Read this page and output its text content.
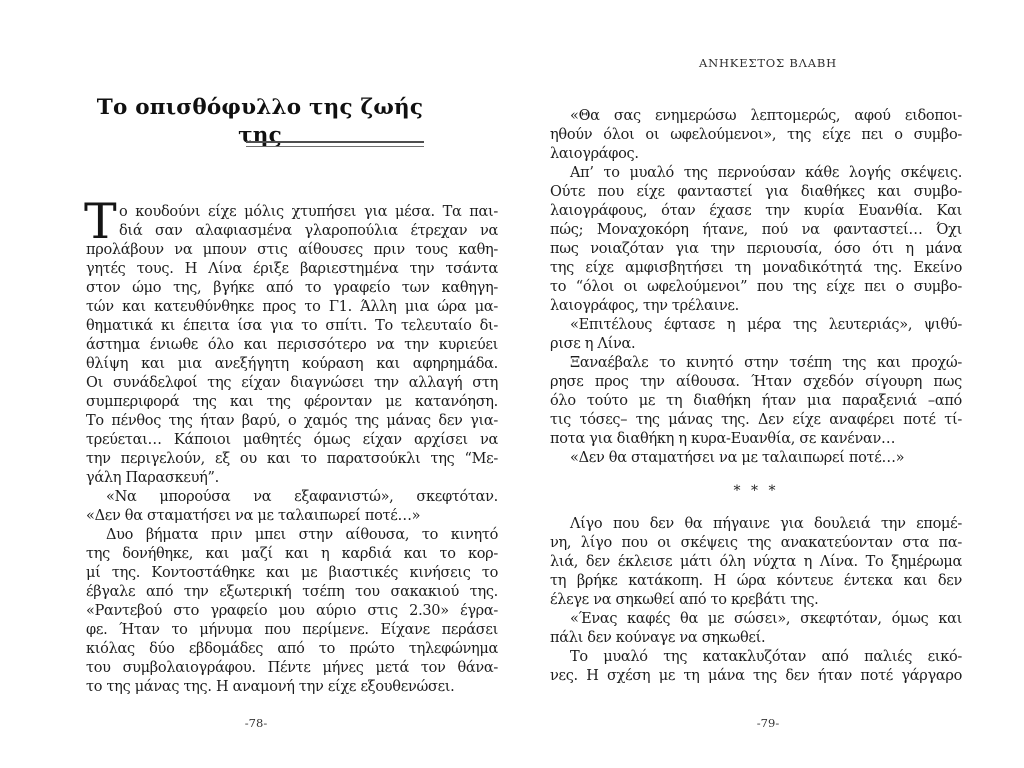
ΑΝΗΚΕΣΤΟΣ ΒΛΑΒΗ
Το οπισθόφυλλο της ζωής της
Τ ο κουδούνι είχε μόλις χτυπήσει για μέσα. Τα παι-
διά σαν αλαφιασμένα γλαροπούλια έτρεχαν να
προλάβουν να μπουν στις αίθουσες πριν τους καθη-
γητές τους. Η Λίνα έριξε βαριεστημένα την τσάντα
στον ώμο της, βγήκε από το γραφείο των καθηγη-
τών και κατευθύνθηκε προς το Γ1. Άλλη μια ώρα μα-
θηματικά κι έπειτα ίσα για το σπίτι. Το τελευταίο δι-
άστημα ένιωθε όλο και περισσότερο να την κυριεύει
θλίψη και μια ανεξήγητη κούραση και αφηρημάδα.
Οι συνάδελφοί της είχαν διαγνώσει την αλλαγή στη
συμπεριφορά της και της φέρονταν με κατανόηση.
Το πένθος της ήταν βαρύ, ο χαμός της μάνας δεν για-
τρεύεται… Κάποιοι μαθητές όμως είχαν αρχίσει να
την περιγελούν, εξ ου και το παρατσούκλι της “Με-
γάλη Παρασκευή”.
«Να μπορούσα να εξαφανιστώ», σκεφτόταν.
«Δεν θα σταματήσει να με ταλαιπωρεί ποτέ…»
Δυο βήματα πριν μπει στην αίθουσα, το κινητό
της δονήθηκε, και μαζί και η καρδιά και το κορ-
μί της. Κοντοστάθηκε και με βιαστικές κινήσεις το
έβγαλε από την εξωτερική τσέπη του σακακιού της.
«Ραντεβού στο γραφείο μου αύριο στις 2.30» έγρα-
φε. Ήταν το μήνυμα που περίμενε. Είχανε περάσει
κιόλας δύο εβδομάδες από το πρώτο τηλεφώνημα
του συμβολαιογράφου. Πέντε μήνες μετά τον θάνα-
το της μάνας της. Η αναμονή την είχε εξουθενώσει.
«Θα σας ενημερώσω λεπτομερώς, αφού ειδοποι-
ηθούν όλοι οι ωφελούμενοι», της είχε πει ο συμβο-
λαιογράφος.
Απ’ το μυαλό της περνούσαν κάθε λογής σκέψεις.
Ούτε που είχε φανταστεί για διαθήκες και συμβο-
λαιογράφους, όταν έχασε την κυρία Ευανθία. Και
πώς; Μοναχοκόρη ήτανε, πού να φανταστεί… Όχι
πως νοιαζόταν για την περιουσία, όσο ότι η μάνα
της είχε αμφισβητήσει τη μοναδικότητά της. Εκείνο
το “όλοι οι ωφελούμενοι” που της είχε πει ο συμβο-
λαιογράφος, την τρέλαινε.
«Επιτέλους έφτασε η μέρα της λευτεριάς», ψιθύ-
ρισε η Λίνα.
Ξαναέβαλε το κινητό στην τσέπη της και προχώ-
ρησε προς την αίθουσα. Ήταν σχεδόν σίγουρη πως
όλο τούτο με τη διαθήκη ήταν μια παραξενιά –από
τις τόσες– της μάνας της. Δεν είχε αναφέρει ποτέ τί-
ποτα για διαθήκη η κυρα-Ευανθία, σε κανέναν…
«Δεν θα σταματήσει να με ταλαιπωρεί ποτέ…»
* * *
Λίγο που δεν θα πήγαινε για δουλειά την επομέ-
νη, λίγο που οι σκέψεις της ανακατεύονταν στα πα-
λιά, δεν έκλεισε μάτι όλη νύχτα η Λίνα. Το ξημέρωμα
τη βρήκε κατάκοπη. Η ώρα κόντευε έντεκα και δεν
έλεγε να σηκωθεί από το κρεβάτι της.
«Ένας καφές θα με σώσει», σκεφτόταν, όμως και
πάλι δεν κούναγε να σηκωθεί.
Το μυαλό της κατακλυζόταν από παλιές εικό-
νες. Η σχέση με τη μάνα της δεν ήταν ποτέ γάργαρο
-78-	-79-
